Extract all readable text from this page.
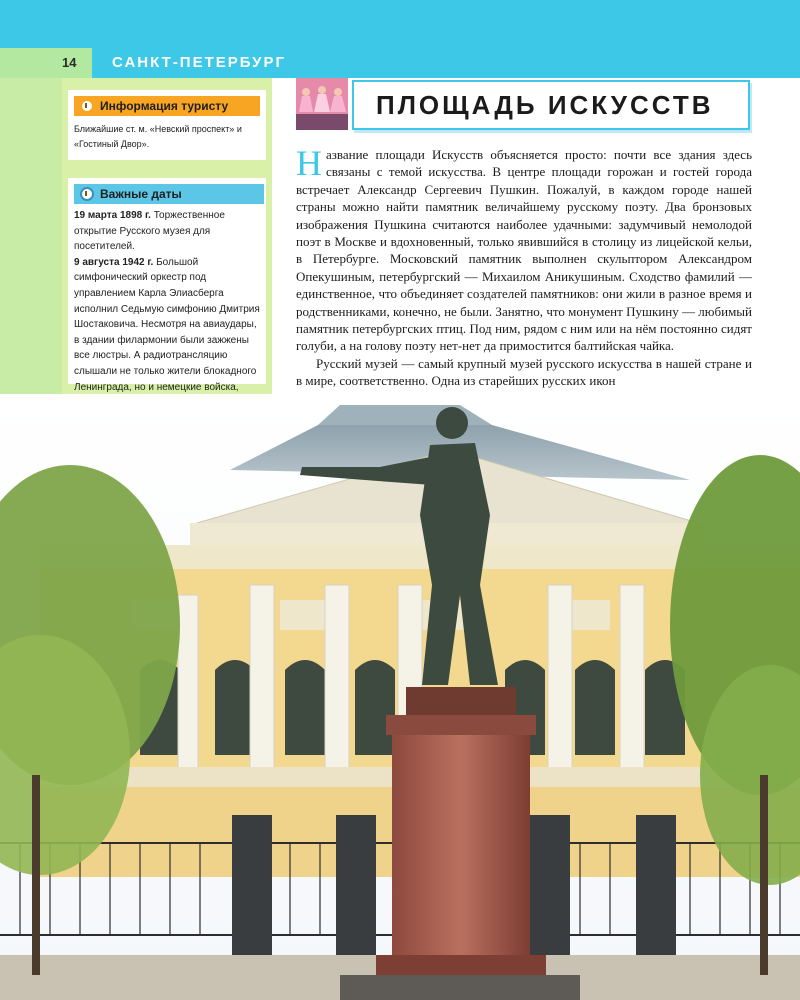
14 САНКТ-ПЕТЕРБУРГ
Информация туристу
Ближайшие ст. м. «Невский проспект» и «Гостиный Двор».
Важные даты
19 марта 1898 г. Торжественное открытие Русского музея для посетителей.
9 августа 1942 г. Большой симфонический оркестр под управлением Карла Элиасберга исполнил Седьмую симфонию Дмитрия Шостаковича. Несмотря на авиаудары, в здании филармонии были зажжены все люстры. А радиотрансляцию слышали не только жители блокадного Ленинграда, но и немецкие войска,
ПЛОЩАДЬ ИСКУССТВ

Название площади Искусств объясняется просто: почти все здания здесь связаны с темой искусства. В центре площади горожан и гостей города встречает Александр Сергеевич Пушкин. Пожалуй, в каждом городе нашей страны можно найти памятник величайшему русскому поэту. Два бронзовых изображения Пушкина считаются наиболее удачными: задумчивый немолодой поэт в Москве и вдохновенный, только явившийся в столицу из лицейской кельи, в Петербурге. Московский памятник выполнен скульптором Александром Опекушиным, петербургский — Михаилом Аникушиным. Сходство фамилий — единственное, что объединяет создателей памятников: они жили в разное время и родственниками, конечно, не были. Занятно, что монумент Пушкину — любимый памятник петербургских птиц. Под ним, рядом с ним или на нём постоянно сидят голуби, а на голову поэту нет-нет да примостится балтийская чайка.

Русский музей — самый крупный музей русского искусства в нашей стране и в мире, соответственно. Одна из старейших русских икон
